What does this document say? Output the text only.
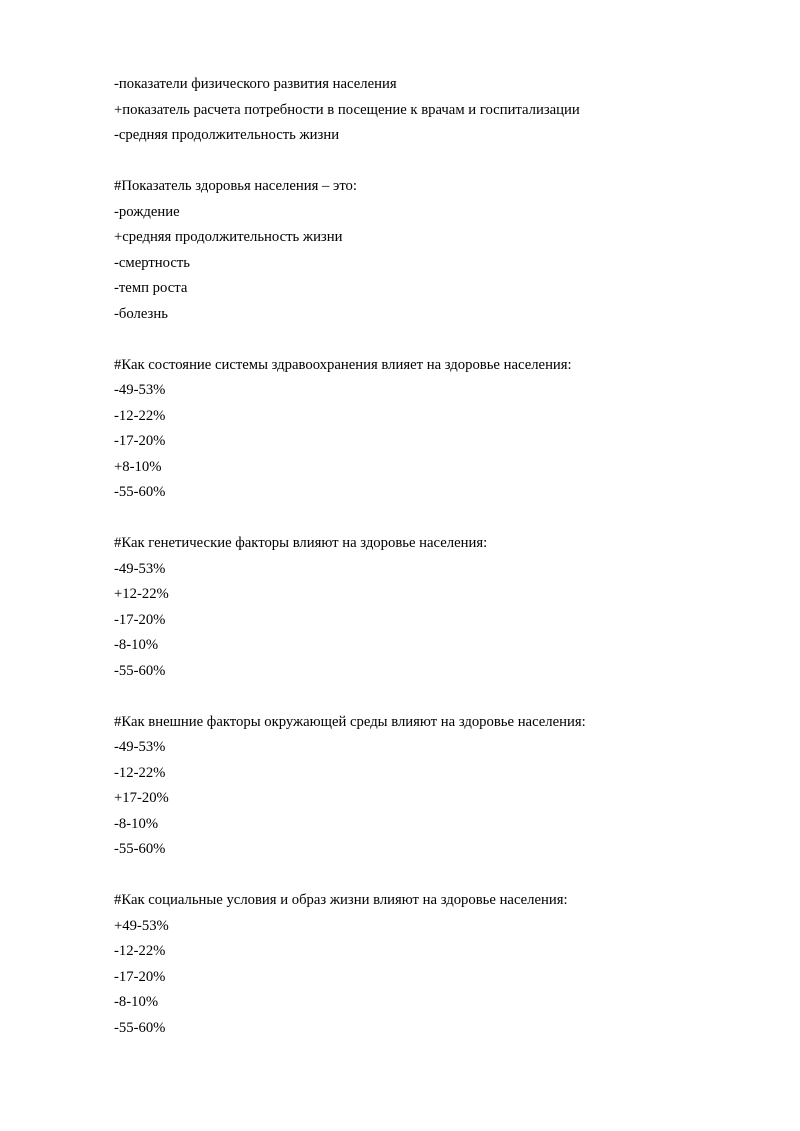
-показатели физического развития населения
+показатель расчета потребности в посещение к врачам и госпитализации
-средняя продолжительность жизни
#Показатель здоровья населения – это:
-рождение
+средняя продолжительность жизни
-смертность
-темп роста
-болезнь
#Как состояние системы здравоохранения влияет на здоровье населения:
-49-53%
-12-22%
-17-20%
+8-10%
-55-60%
#Как генетические факторы влияют на здоровье населения:
-49-53%
+12-22%
-17-20%
-8-10%
-55-60%
#Как внешние факторы окружающей среды влияют на здоровье населения:
-49-53%
-12-22%
+17-20%
-8-10%
-55-60%
#Как социальные условия и образ жизни влияют на здоровье населения:
+49-53%
-12-22%
-17-20%
-8-10%
-55-60%
